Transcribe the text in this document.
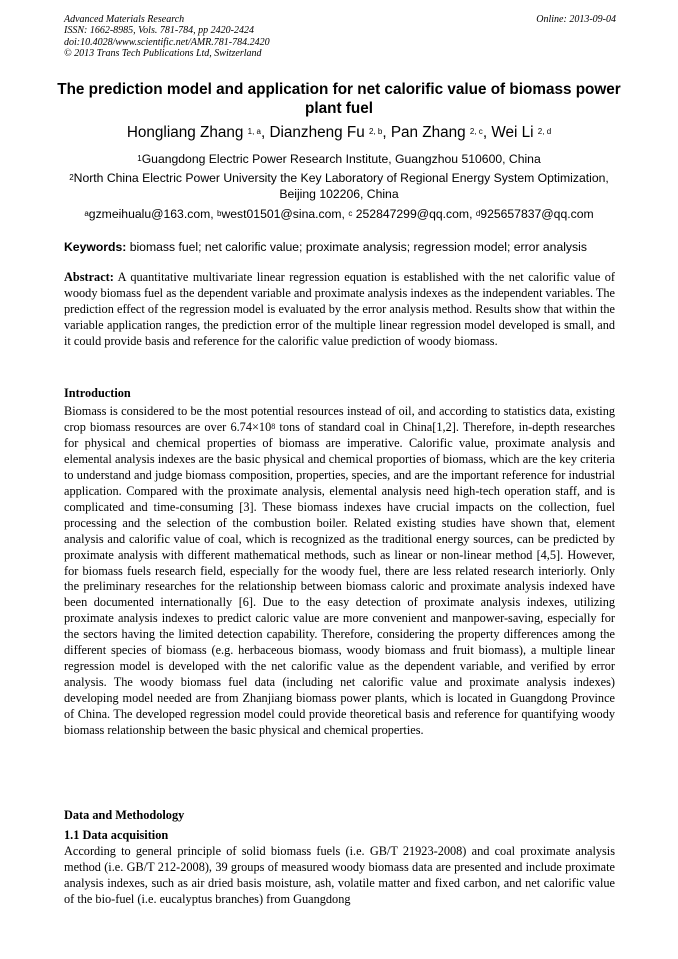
Advanced Materials Research
ISSN: 1662-8985, Vols. 781-784, pp 2420-2424
doi:10.4028/www.scientific.net/AMR.781-784.2420
© 2013 Trans Tech Publications Ltd, Switzerland
Online: 2013-09-04
The prediction model and application for net calorific value of biomass power plant fuel
Hongliang Zhang $^{1, a}$, Dianzheng Fu $^{2, b}$, Pan Zhang $^{2, c}$, Wei Li $^{2, d}$
$^1$Guangdong Electric Power Research Institute, Guangzhou 510600, China
$^2$North China Electric Power University the Key Laboratory of Regional Energy System Optimization, Beijing 102206, China
$^a$gzmeihualu@163.com, $^b$west01501@sina.com, $^c$ 252847299@qq.com, $^d$925657837@qq.com
Keywords: biomass fuel; net calorific value; proximate analysis; regression model; error analysis

Abstract: A quantitative multivariate linear regression equation is established with the net calorific value of woody biomass fuel as the dependent variable and proximate analysis indexes as the independent variables. The prediction effect of the regression model is evaluated by the error analysis method. Results show that within the variable application ranges, the prediction error of the multiple linear regression model developed is small, and it could provide basis and reference for the calorific value prediction of woody biomass.

Introduction

Biomass is considered to be the most potential resources instead of oil, and according to statistics data, existing crop biomass resources are over $6.74\times 10^8$ tons of standard coal in China[1,2]. Therefore, in-depth researches for physical and chemical properties of biomass are imperative. Calorific value, proximate analysis and elemental analysis indexes are the basic physical and chemical proporties of biomass, which are the key criteria to understand and judge biomass composition, properties, species, and are the important reference for industrial application. Compared with the proximate analysis, elemental analysis need high-tech operation staff, and is complicated and time-consuming [3]. These biomass indexes have crucial impacts on the collection, fuel processing and the selection of the combustion boiler. Related existing studies have shown that, element analysis and calorific value of coal, which is recognized as the traditional energy sources, can be predicted by proximate analysis with different mathematical methods, such as linear or non-linear method [4,5]. However, for biomass fuels research field, especially for the woody fuel, there are less related research interiorly. Only the preliminary researches for the relationship between biomass caloric and proximate analysis indexed have been documented internationally [6]. Due to the easy detection of proximate analysis indexes, utilizing proximate analysis indexes to predict caloric value are more convenient and manpower-saving, especially for the sectors having the limited detection capability. Therefore, considering the property differences among the different species of biomass (e.g. herbaceous biomass, woody biomass and fruit biomass), a multiple linear regression model is developed with the net calorific value as the dependent variable, and verified by error analysis. The woody biomass fuel data (including net calorific value and proximate analysis indexes) developing model needed are from Zhanjiang biomass power plants, which is located in Guangdong Province of China. The developed regression model could provide theoretical basis and reference for quantifying woody biomass relationship between the basic physical and chemical properties.

Data and Methodology
1.1 Data acquisition

According to general principle of solid biomass fuels (i.e. GB/T 21923-2008) and coal proximate analysis method (i.e. GB/T 212-2008), 39 groups of measured woody biomass data are presented and include proximate analysis indexes, such as air dried basis moisture, ash, volatile matter and fixed carbon, and net calorific value of the bio-fuel (i.e. eucalyptus branches) from Guangdong
